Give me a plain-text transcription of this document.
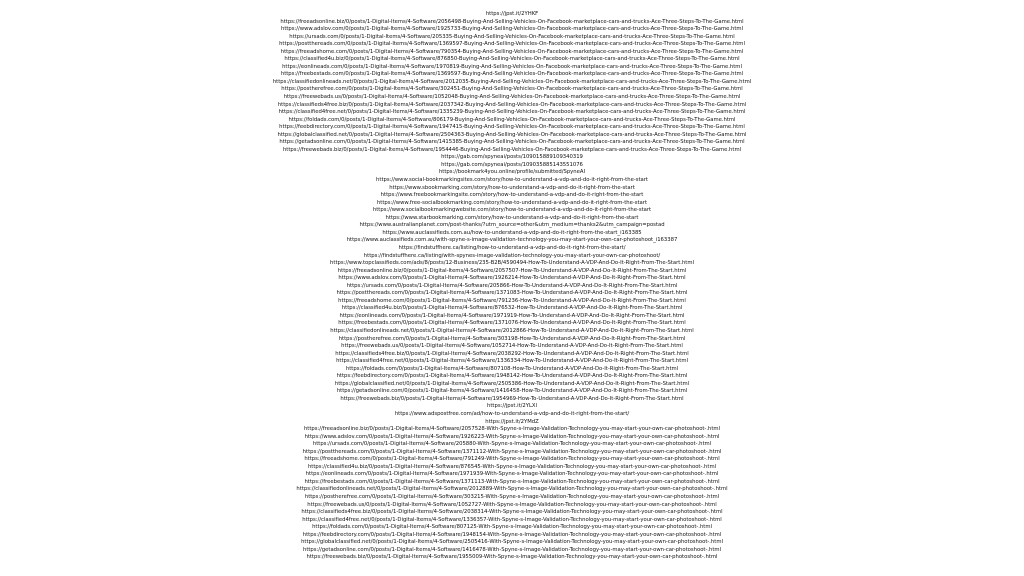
https://jpst.it/2YHKF
https://freeadsonline.biz/0/posts/1-Digital-Items/4-Software/2056498-Buying-And-Selling-Vehicles-On-Facebook-marketplace-cars-and-trucks-Ace-Three-Steps-To-The-Game.html
https://www.adslov.com/0/posts/1-Digital-Items/4-Software/1925733-Buying-And-Selling-Vehicles-On-Facebook-marketplace-cars-and-trucks-Ace-Three-Steps-To-The-Game.html
https://ursads.com/0/posts/1-Digital-Items/4-Software/205335-Buying-And-Selling-Vehicles-On-Facebook-marketplace-cars-and-trucks-Ace-Three-Steps-To-The-Game.html
https://postthereads.com/0/posts/1-Digital-Items/4-Software/1369597-Buying-And-Selling-Vehicles-On-Facebook-marketplace-cars-and-trucks-Ace-Three-Steps-To-The-Game.html
https://freeadshome.com/0/posts/1-Digital-Items/4-Software/790354-Buying-And-Selling-Vehicles-On-Facebook-marketplace-cars-and-trucks-Ace-Three-Steps-To-The-Game.html
https://classified4u.biz/0/posts/1-Digital-Items/4-Software/876850-Buying-And-Selling-Vehicles-On-Facebook-marketplace-cars-and-trucks-Ace-Three-Steps-To-The-Game.html
https://eonlineads.com/0/posts/1-Digital-Items/4-Software/1970819-Buying-And-Selling-Vehicles-On-Facebook-marketplace-cars-and-trucks-Ace-Three-Steps-To-The-Game.html
https://freebestads.com/0/posts/1-Digital-Items/4-Software/1369597-Buying-And-Selling-Vehicles-On-Facebook-marketplace-cars-and-trucks-Ace-Three-Steps-To-The-Game.html
https://classifiedonlineads.net/0/posts/1-Digital-Items/4-Software/2012035-Buying-And-Selling-Vehicles-On-Facebook-marketplace-cars-and-trucks-Ace-Three-Steps-To-The-Game.html
https://postherefree.com/0/posts/1-Digital-Items/4-Software/302451-Buying-And-Selling-Vehicles-On-Facebook-marketplace-cars-and-trucks-Ace-Three-Steps-To-The-Game.html
https://freewebads.us/0/posts/1-Digital-Items/4-Software/1052048-Buying-And-Selling-Vehicles-On-Facebook-marketplace-cars-and-trucks-Ace-Three-Steps-To-The-Game.html
https://classifieds4free.biz/0/posts/1-Digital-Items/4-Software/2037342-Buying-And-Selling-Vehicles-On-Facebook-marketplace-cars-and-trucks-Ace-Three-Steps-To-The-Game.html
https://classified4free.net/0/posts/1-Digital-Items/4-Software/1335239-Buying-And-Selling-Vehicles-On-Facebook-marketplace-cars-and-trucks-Ace-Three-Steps-To-The-Game.html
https://foldads.com/0/posts/1-Digital-Items/4-Software/806179-Buying-And-Selling-Vehicles-On-Facebook-marketplace-cars-and-trucks-Ace-Three-Steps-To-The-Game.html
https://feebdirectory.com/0/posts/1-Digital-Items/4-Software/1947415-Buying-And-Selling-Vehicles-On-Facebook-marketplace-cars-and-trucks-Ace-Three-Steps-To-The-Game.html
https://globalclassified.net/0/posts/1-Digital-Items/4-Software/2504363-Buying-And-Selling-Vehicles-On-Facebook-marketplace-cars-and-trucks-Ace-Three-Steps-To-The-Game.html
https://getadsonline.com/0/posts/1-Digital-Items/4-Software/1415385-Buying-And-Selling-Vehicles-On-Facebook-marketplace-cars-and-trucks-Ace-Three-Steps-To-The-Game.html
https://freewebads.biz/0/posts/1-Digital-Items/4-Software/1954446-Buying-And-Selling-Vehicles-On-Facebook-marketplace-cars-and-trucks-Ace-Three-Steps-To-The-Game.html
https://gab.com/spyneai/posts/109015889109340319
https://gab.com/spyneai/posts/109035885143551076
https://bookmark4you.online/profile/submitted/SpyneAI
https://www.social-bookmarkingsites.com/story/how-to-understand-a-vdp-and-do-it-right-from-the-start
https://www.sbookmarking.com/story/how-to-understand-a-vdp-and-do-it-right-from-the-start
https://www.freebookmarkingsite.com/story/how-to-understand-a-vdp-and-do-it-right-from-the-start
https://www.free-socialbookmarking.com/story/how-to-understand-a-vdp-and-do-it-right-from-the-start
https://www.socialbookmarkingwebsite.com/story/how-to-understand-a-vdp-and-do-it-right-from-the-start
https://www.starbookmarking.com/story/how-to-understand-a-vdp-and-do-it-right-from-the-start
https://www.australianplanet.com/post-thanks/?utm_source=other&utm_medium=thanks2&utm_campaign=postad
https://www.auclassifieds.com.au/how-to-understand-a-vdp-and-do-it-right-from-the-start_i163385
https://www.auclassifieds.com.au/with-spyne-s-image-validation-technology-you-may-start-your-own-car-photoshoot_i163387
https://findstuffhere.ca/listing/how-to-understand-a-vdp-and-do-it-right-from-the-start/
https://findstuffhere.ca/listing/with-spynes-image-validation-technology-you-may-start-your-own-car-photoshoot/
https://www.topclassifieds.com/ads/8/posts/12-Business/235-B2B/4590494-How-To-Understand-A-VDP-And-Do-It-Right-From-The-Start.html
https://freeadsonline.biz/0/posts/1-Digital-Items/4-Software/2057507-How-To-Understand-A-VDP-And-Do-It-Right-From-The-Start.html
https://www.adslov.com/0/posts/1-Digital-Items/4-Software/1926214-How-To-Understand-A-VDP-And-Do-It-Right-From-The-Start.html
https://ursads.com/0/posts/1-Digital-Items/4-Software/205866-How-To-Understand-A-VDP-And-Do-It-Right-From-The-Start.html
https://postthereads.com/0/posts/1-Digital-Items/4-Software/1371083-How-To-Understand-A-VDP-And-Do-It-Right-From-The-Start.html
https://freeadshome.com/0/posts/1-Digital-Items/4-Software/791236-How-To-Understand-A-VDP-And-Do-It-Right-From-The-Start.html
https://classified4u.biz/0/posts/1-Digital-Items/4-Software/876532-How-To-Understand-A-VDP-And-Do-It-Right-From-The-Start.html
https://eonlineads.com/0/posts/1-Digital-Items/4-Software/1971919-How-To-Understand-A-VDP-And-Do-It-Right-From-The-Start.html
https://freebestads.com/0/posts/1-Digital-Items/4-Software/1371076-How-To-Understand-A-VDP-And-Do-It-Right-From-The-Start.html
https://classifiedonlineads.net/0/posts/1-Digital-Items/4-Software/2012866-How-To-Understand-A-VDP-And-Do-It-Right-From-The-Start.html
https://postherefree.com/0/posts/1-Digital-Items/4-Software/303198-How-To-Understand-A-VDP-And-Do-It-Right-From-The-Start.html
https://freewebads.us/0/posts/1-Digital-Items/4-Software/1052714-How-To-Understand-A-VDP-And-Do-It-Right-From-The-Start.html
https://classifieds4free.biz/0/posts/1-Digital-Items/4-Software/2038292-How-To-Understand-A-VDP-And-Do-It-Right-From-The-Start.html
https://classified4free.net/0/posts/1-Digital-Items/4-Software/1336334-How-To-Understand-A-VDP-And-Do-It-Right-From-The-Start.html
https://foldads.com/0/posts/1-Digital-Items/4-Software/807108-How-To-Understand-A-VDP-And-Do-It-Right-From-The-Start.html
https://feebdirectory.com/0/posts/1-Digital-Items/4-Software/1948142-How-To-Understand-A-VDP-And-Do-It-Right-From-The-Start.html
https://globalclassified.net/0/posts/1-Digital-Items/4-Software/2505386-How-To-Understand-A-VDP-And-Do-It-Right-From-The-Start.html
https://getadsonline.com/0/posts/1-Digital-Items/4-Software/1416458-How-To-Understand-A-VDP-And-Do-It-Right-From-The-Start.html
https://freewebads.biz/0/posts/1-Digital-Items/4-Software/1954969-How-To-Understand-A-VDP-And-Do-It-Right-From-The-Start.html
https://jpst.it/2YLXl
https://www.adspostfree.com/ad/how-to-understand-a-vdp-and-do-it-right-from-the-start/
https://jpst.it/2YMdZ
https://freeadsonline.biz/0/posts/1-Digital-Items/4-Software/2057528-With-Spyne-s-Image-Validation-Technology-you-may-start-your-own-car-photoshoot-.html
https://www.adslov.com/0/posts/1-Digital-Items/4-Software/1926223-With-Spyne-s-Image-Validation-Technology-you-may-start-your-own-car-photoshoot-.html
https://ursads.com/0/posts/1-Digital-Items/4-Software/205880-With-Spyne-s-Image-Validation-Technology-you-may-start-your-own-car-photoshoot-.html
https://postthereads.com/0/posts/1-Digital-Items/4-Software/1371112-With-Spyne-s-Image-Validation-Technology-you-may-start-your-own-car-photoshoot-.html
https://freeadshome.com/0/posts/1-Digital-Items/4-Software/791249-With-Spyne-s-Image-Validation-Technology-you-may-start-your-own-car-photoshoot-.html
https://classified4u.biz/0/posts/1-Digital-Items/4-Software/876545-With-Spyne-s-Image-Validation-Technology-you-may-start-your-own-car-photoshoot-.html
https://eonlineads.com/0/posts/1-Digital-Items/4-Software/1971939-With-Spyne-s-Image-Validation-Technology-you-may-start-your-own-car-photoshoot-.html
https://freebestads.com/0/posts/1-Digital-Items/4-Software/1371113-With-Spyne-s-Image-Validation-Technology-you-may-start-your-own-car-photoshoot-.html
https://classifiedonlineads.net/0/posts/1-Digital-Items/4-Software/2012889-With-Spyne-s-Image-Validation-Technology-you-may-start-your-own-car-photoshoot-.html
https://postherefree.com/0/posts/1-Digital-Items/4-Software/303215-With-Spyne-s-Image-Validation-Technology-you-may-start-your-own-car-photoshoot-.html
https://freewebads.us/0/posts/1-Digital-Items/4-Software/1052727-With-Spyne-s-Image-Validation-Technology-you-may-start-your-own-car-photoshoot-.html
https://classifieds4free.biz/0/posts/1-Digital-Items/4-Software/2038314-With-Spyne-s-Image-Validation-Technology-you-may-start-your-own-car-photoshoot-.html
https://classified4free.net/0/posts/1-Digital-Items/4-Software/1336357-With-Spyne-s-Image-Validation-Technology-you-may-start-your-own-car-photoshoot-.html
https://foldads.com/0/posts/1-Digital-Items/4-Software/807125-With-Spyne-s-Image-Validation-Technology-you-may-start-your-own-car-photoshoot-.html
https://feebdirectory.com/0/posts/1-Digital-Items/4-Software/1948154-With-Spyne-s-Image-Validation-Technology-you-may-start-your-own-car-photoshoot-.html
https://globalclassified.net/0/posts/1-Digital-Items/4-Software/2505416-With-Spyne-s-Image-Validation-Technology-you-may-start-your-own-car-photoshoot-.html
https://getadsonline.com/0/posts/1-Digital-Items/4-Software/1416478-With-Spyne-s-Image-Validation-Technology-you-may-start-your-own-car-photoshoot-.html
https://freewebads.biz/0/posts/1-Digital-Items/4-Software/1955009-With-Spyne-s-Image-Validation-Technology-you-may-start-your-own-car-photoshoot-.html
